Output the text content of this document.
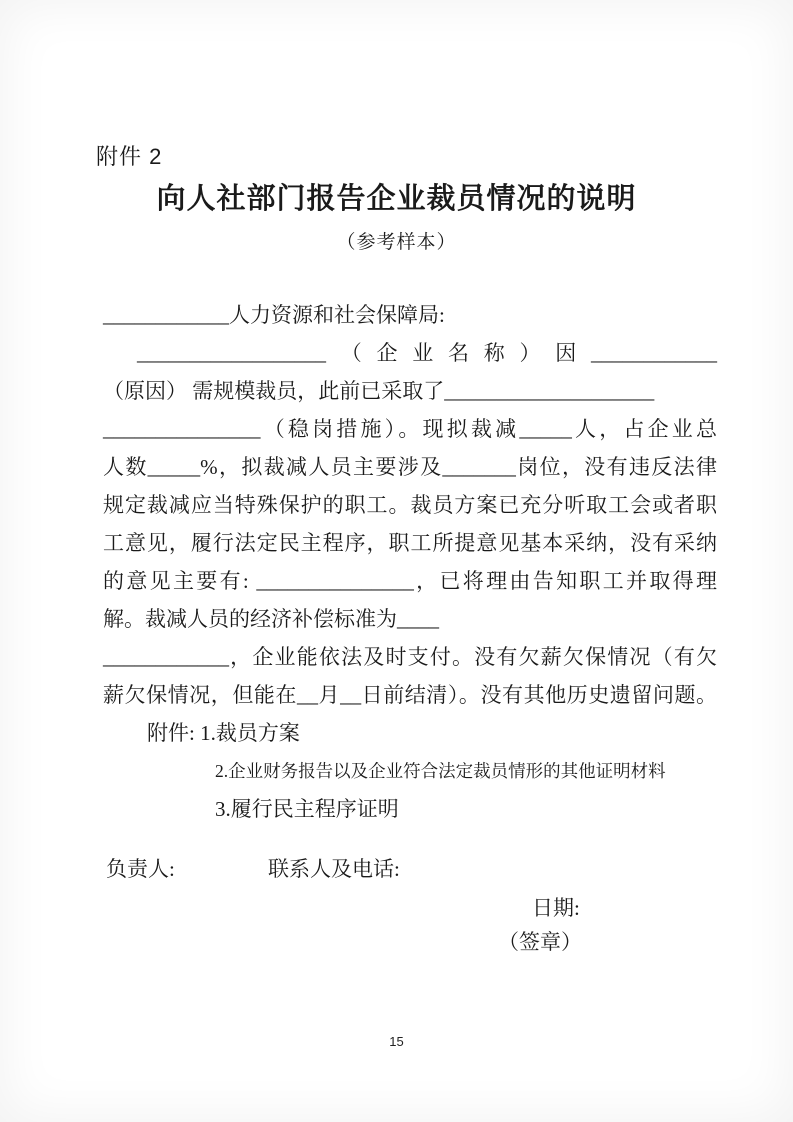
附件 2
向人社部门报告企业裁员情况的说明
（参考样本）
____________人力资源和社会保障局:
__________________（企业名称）因____________
（原因） 需规模裁员，此前已采取了____________________
_______________（稳岗措施）。现拟裁减_____人，占企业总
人数_____%，拟裁减人员主要涉及_______岗位，没有违反法律
规定裁减应当特殊保护的职工。裁员方案已充分听取工会或者职
工意见，履行法定民主程序，职工所提意见基本采纳，没有采纳
的意见主要有: _______________，已将理由告知职工并取得理
解。裁减人员的经济补偿标准为____
____________，企业能依法及时支付。没有欠薪欠保情况（有欠
薪欠保情况，但能在__月__日前结清）。没有其他历史遗留问题。
附件: 1.裁员方案
2.企业财务报告以及企业符合法定裁员情形的其他证明材料
3.履行民主程序证明
负责人:	联系人及电话:
日期:
（签章）
15
